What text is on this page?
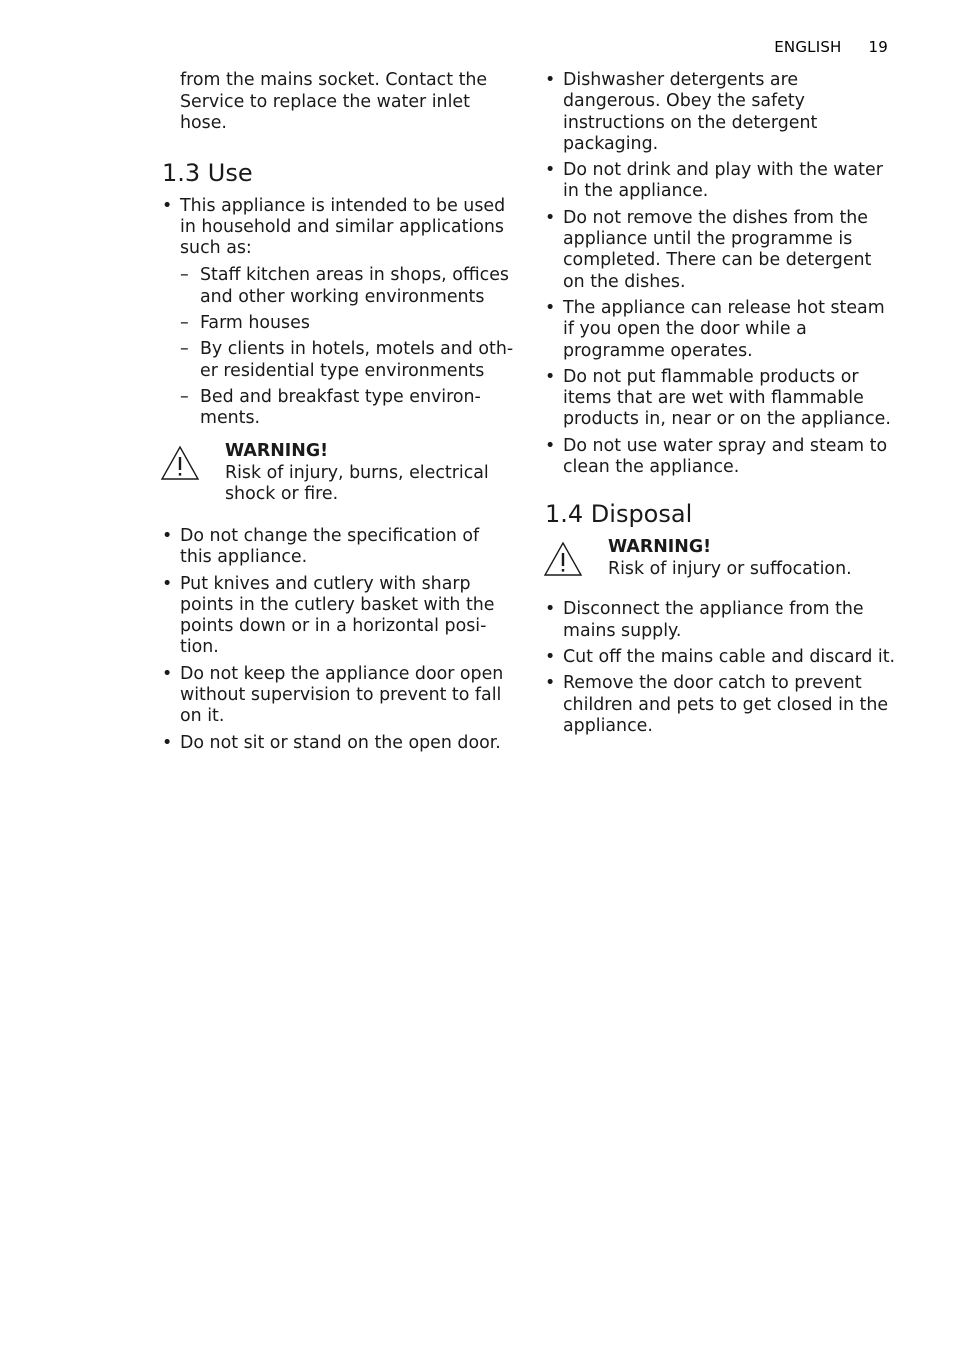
ENGLISH 19

from the mains socket. Contact the
Service to replace the water inlet hose.

1.3 Use
• This appliance is intended to be used in household and similar applications such as:
– Staff kitchen areas in shops, offices and other working environments
– Farm houses
– By clients in hotels, motels and other residential type environments
– Bed and breakfast type environments.
WARNING!
Risk of injury, burns, electrical shock or fire.
• Do not change the specification of this appliance.
• Put knives and cutlery with sharp points in the cutlery basket with the points down or in a horizontal position.
• Do not keep the appliance door open without supervision to prevent to fall on it.
• Do not sit or stand on the open door.
• Dishwasher detergents are dangerous. Obey the safety instructions on the detergent packaging.
• Do not drink and play with the water in the appliance.
• Do not remove the dishes from the appliance until the programme is completed. There can be detergent on the dishes.
• The appliance can release hot steam if you open the door while a programme operates.
• Do not put flammable products or items that are wet with flammable products in, near or on the appliance.
• Do not use water spray and steam to clean the appliance.
1.4 Disposal
WARNING!
Risk of injury or suffocation.
• Disconnect the appliance from the mains supply.
• Cut off the mains cable and discard it.
• Remove the door catch to prevent children and pets to get closed in the appliance.
